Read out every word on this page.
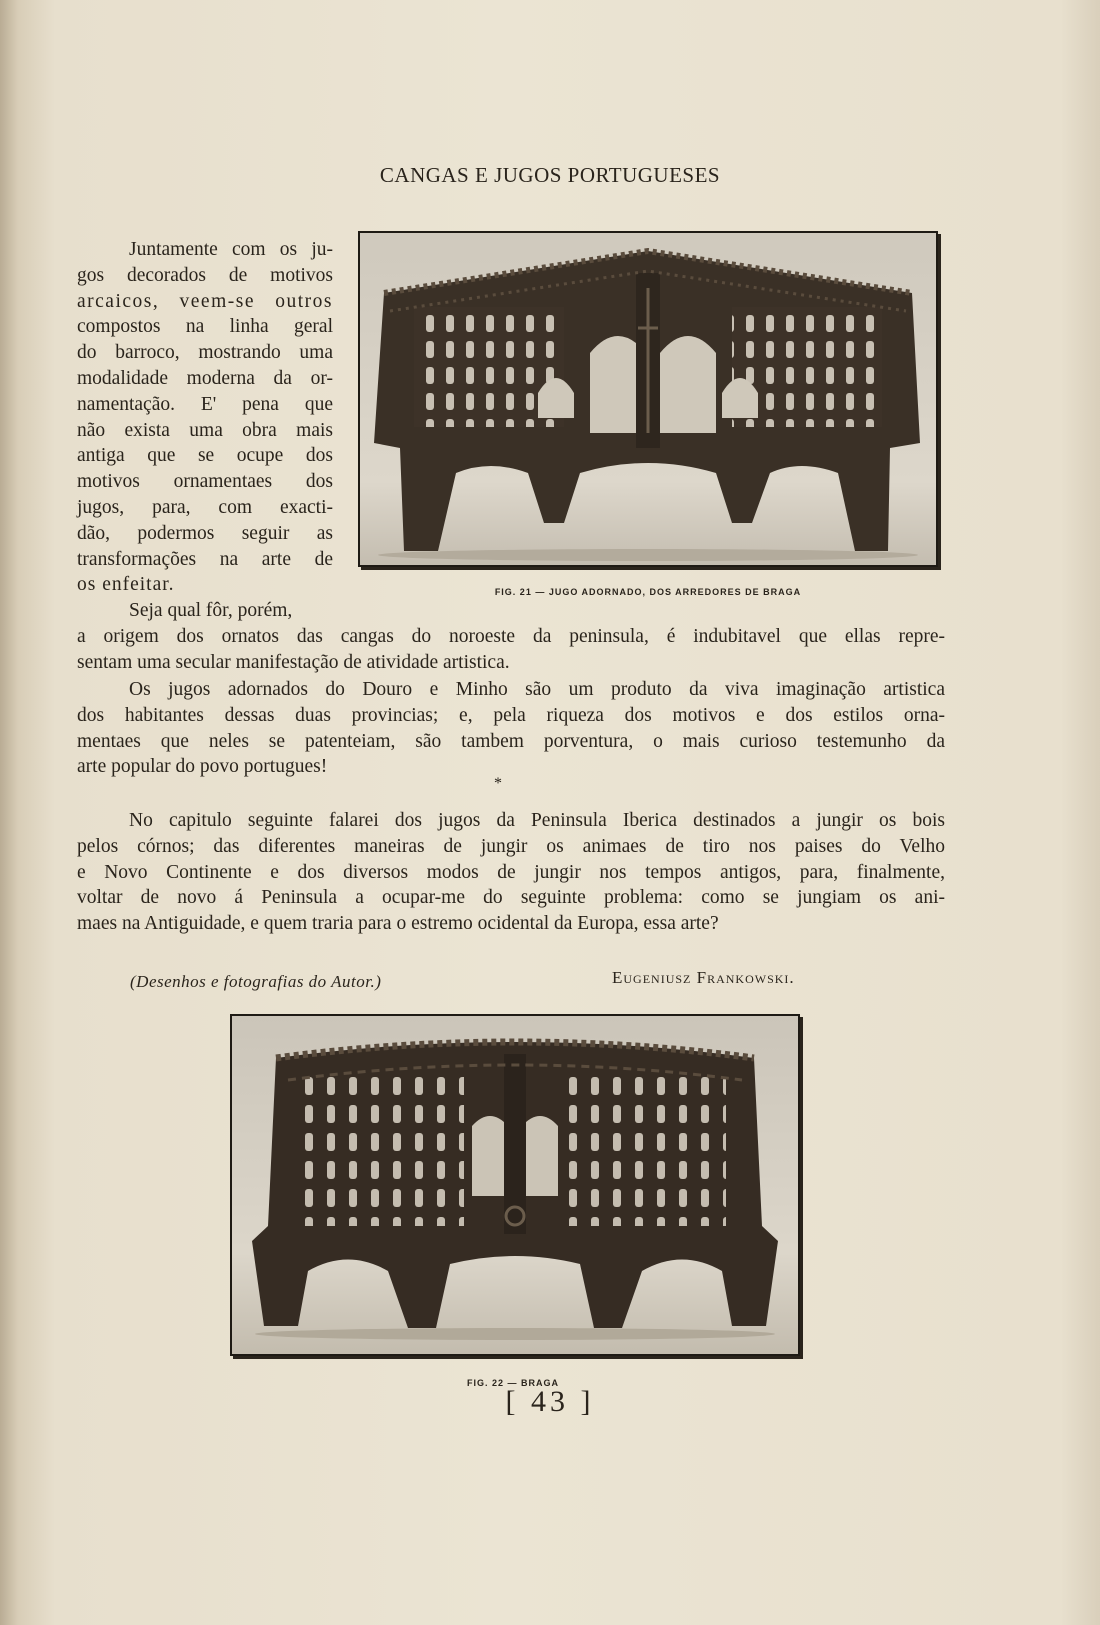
CANGAS E JUGOS PORTUGUESES
FIG. 21 — JUGO ADORNADO, DOS ARREDORES DE BRAGA
Juntamente com os ju-
gos decorados de motivos
arcaicos, veem-se outros
compostos na linha geral
do barroco, mostrando uma
modalidade moderna da or-
namentação. E' pena que
não exista uma obra mais
antiga que se ocupe dos
motivos ornamentaes dos
jugos, para, com exacti-
dão, podermos seguir as
transformações na arte de
os enfeitar.
Seja qual fôr, porém,
a origem dos ornatos das cangas do noroeste da peninsula, é indubitavel que ellas repre-
sentam uma secular manifestação de atividade artistica.
Os jugos adornados do Douro e Minho são um produto da viva imaginação artistica
dos habitantes dessas duas provincias; e, pela riqueza dos motivos e dos estilos orna-
mentaes que neles se patenteiam, são tambem porventura, o mais curioso testemunho da
arte popular do povo portugues!
*
No capitulo seguinte falarei dos jugos da Peninsula Iberica destinados a jungir os bois
pelos córnos; das diferentes maneiras de jungir os animaes de tiro nos paises do Velho
e Novo Continente e dos diversos modos de jungir nos tempos antigos, para, finalmente,
voltar de novo á Peninsula a ocupar-me do seguinte problema: como se jungiam os ani-
maes na Antiguidade, e quem traria para o estremo ocidental da Europa, essa arte?
(Desenhos e fotografias do Autor.)	Eugeniusz Frankowski.
FIG. 22 — BRAGA
[ 43 ]
